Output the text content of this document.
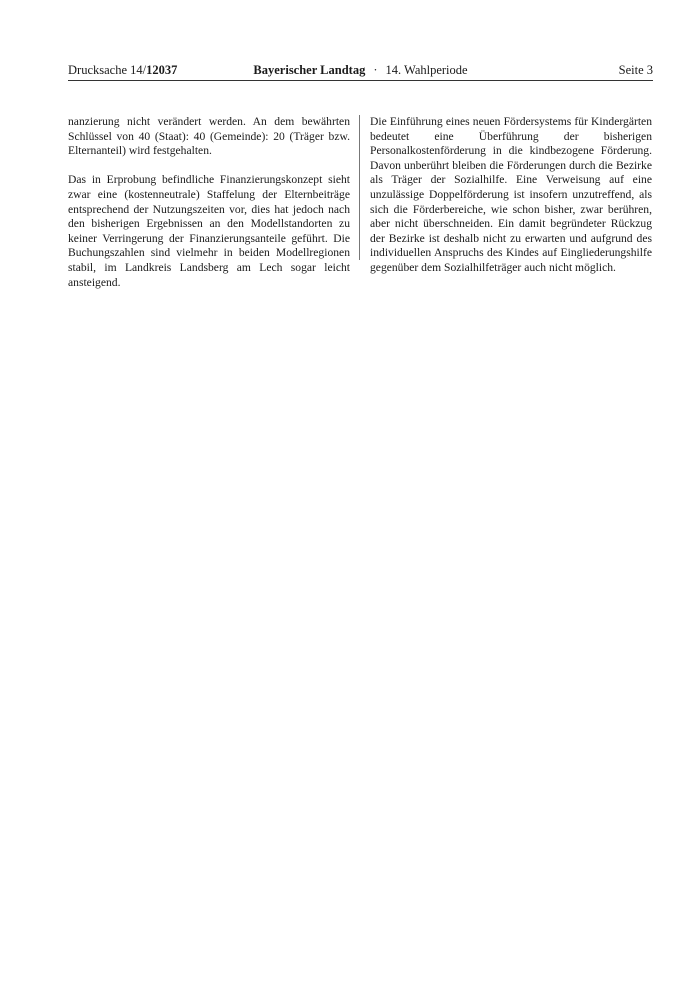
Drucksache 14/12037	Bayerischer Landtag · 14. Wahlperiode	Seite 3

nanzierung nicht verändert werden. An dem bewährten Schlüssel von 40 (Staat): 40 (Gemeinde): 20 (Träger bzw. Elternanteil) wird festgehalten.

Das in Erprobung befindliche Finanzierungskonzept sieht zwar eine (kostenneutrale) Staffelung der Elternbeiträge entsprechend der Nutzungszeiten vor, dies hat jedoch nach den bisherigen Ergebnissen an den Modellstandorten zu keiner Verringerung der Finanzierungsanteile geführt. Die Buchungszahlen sind vielmehr in beiden Modellregionen stabil, im Landkreis Landsberg am Lech sogar leicht ansteigend.

Die Einführung eines neuen Fördersystems für Kindergärten bedeutet eine Überführung der bisherigen Personalkostenförderung in die kindbezogene Förderung. Davon unberührt bleiben die Förderungen durch die Bezirke als Träger der Sozialhilfe. Eine Verweisung auf eine unzulässige Doppelförderung ist insofern unzutreffend, als sich die Förderbereiche, wie schon bisher, zwar berühren, aber nicht überschneiden. Ein damit begründeter Rückzug der Bezirke ist deshalb nicht zu erwarten und aufgrund des individuellen Anspruchs des Kindes auf Eingliederungshilfe gegenüber dem Sozialhilfeträger auch nicht möglich.
